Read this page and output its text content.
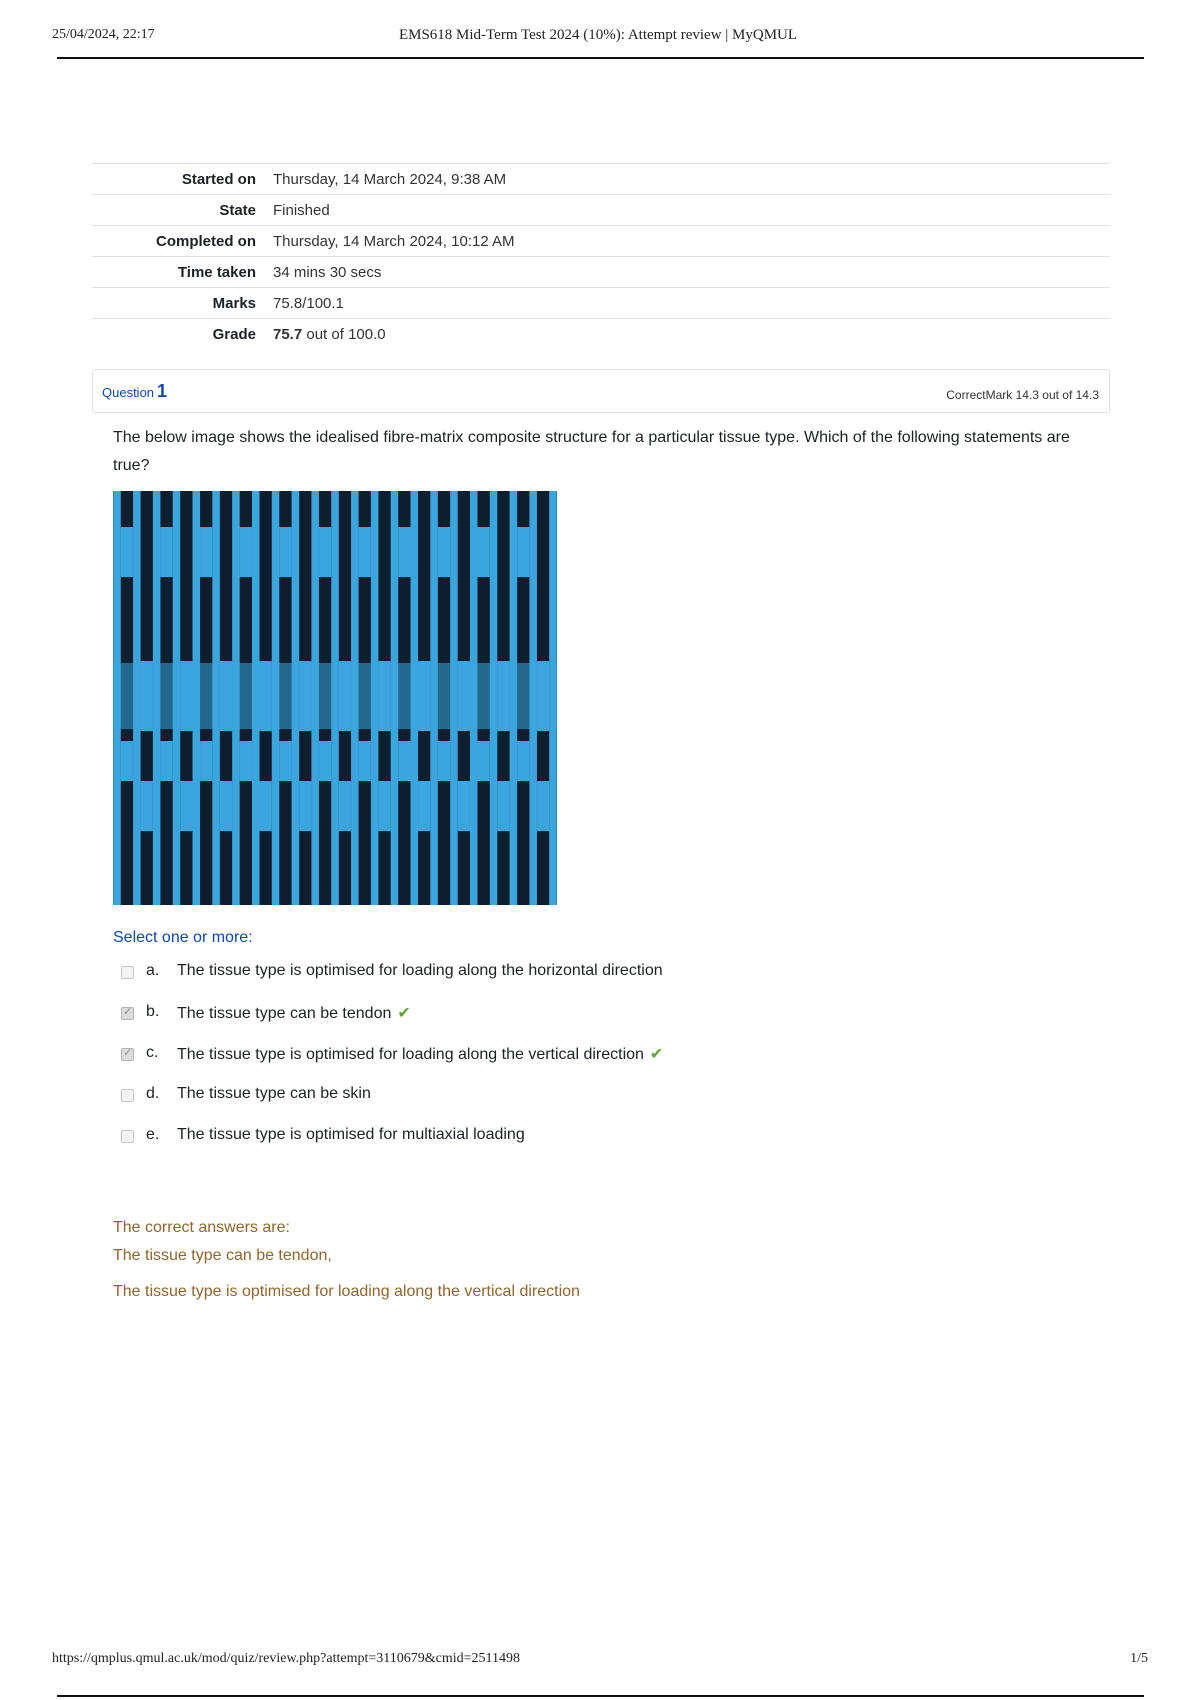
25/04/2024, 22:17	EMS618 Mid-Term Test 2024 (10%): Attempt review | MyQMUL
Started on	Thursday, 14 March 2024, 9:38 AM
State	Finished
Completed on	Thursday, 14 March 2024, 10:12 AM
Time taken	34 mins 30 secs
Marks	75.8/100.1
Grade	75.7 out of 100.0
Question 1	CorrectMark 14.3 out of 14.3
The below image shows the idealised fibre-matrix composite structure for a particular tissue type. Which of the following statements are true?
Select one or more:
a. The tissue type is optimised for loading along the horizontal direction
✓
b. The tissue type can be tendon ✔
✓
c. The tissue type is optimised for loading along the vertical direction ✔
d. The tissue type can be skin
e. The tissue type is optimised for multiaxial loading
The correct answers are:
The tissue type can be tendon,
The tissue type is optimised for loading along the vertical direction
https://qmplus.qmul.ac.uk/mod/quiz/review.php?attempt=3110679&cmid=2511498	1/5
